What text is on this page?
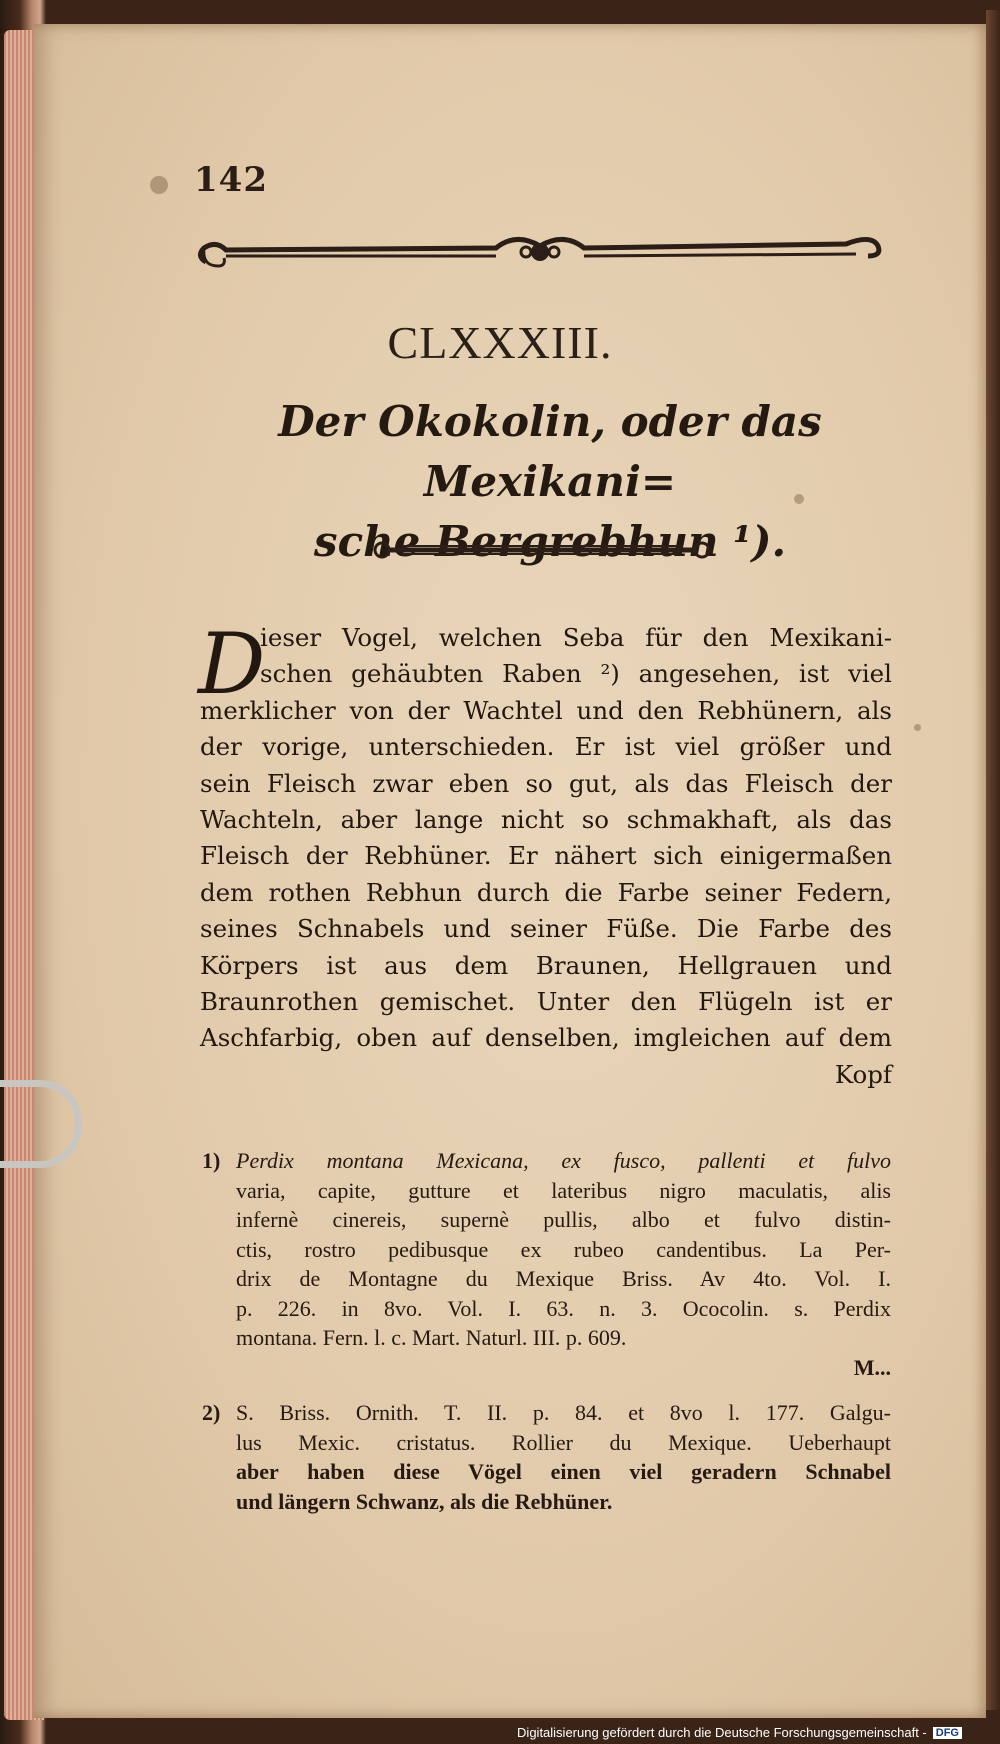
142
CLXXXIII.
Der Okokolin, oder das Mexikani=
sche Bergrebhun ¹).
D
ieser Vogel, welchen Seba für den Mexikani-
schen gehäubten Raben ²) angesehen, ist viel
merklicher von der Wachtel und den Rebhünern, als
der vorige, unterschieden. Er ist viel größer und
sein Fleisch zwar eben so gut, als das Fleisch der
Wachteln, aber lange nicht so schmakhaft, als das
Fleisch der Rebhüner. Er nähert sich einigermaßen
dem rothen Rebhun durch die Farbe seiner Federn,
seines Schnabels und seiner Füße. Die Farbe des
Körpers ist aus dem Braunen, Hellgrauen und
Braunrothen gemischet. Unter den Flügeln ist er
Aschfarbig, oben auf denselben, imgleichen auf dem
Kopf
1) Perdix montana Mexicana, ex fusco, pallenti et fulvo
varia, capite, gutture et lateribus nigro maculatis, alis
infernè cinereis, supernè pullis, albo et fulvo distin-
ctis, rostro pedibusque ex rubeo candentibus. La Per-
drix de Montagne du Mexique Briss. Av 4to. Vol. I.
p. 226. in 8vo. Vol. I. 63. n. 3. Ococolin. s. Perdix
montana. Fern. l. c. Mart. Naturl. III. p. 609.
M...
2) S. Briss. Ornith. T. II. p. 84. et 8vo l. 177. Galgu-
lus Mexic. cristatus. Rollier du Mexique. Ueberhaupt
aber haben diese Vögel einen viel geradern Schnabel
und längern Schwanz, als die Rebhüner.
Digitalisierung gefördert durch die Deutsche Forschungsgemeinschaft - DFG
